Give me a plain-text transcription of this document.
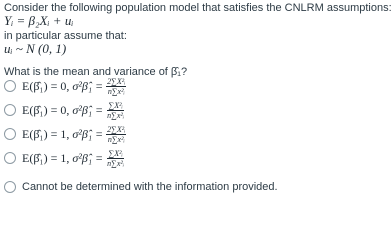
Consider the following population model that satisfies the CNLRM assumptions:
Yᵢ = β₂Xᵢ + uᵢ
in particular assume that:
uᵢ ~ N (0, 1)
What is the mean and variance of β̂₁?
E(β̂₁) = 0,
σ²β̂₁ = $\frac{\text{2∑X²ᵢ}}{\text{n∑x²ᵢ}}$
E(β̂₁) = 0,
σ²β̂₁ = $\frac{\text{∑X²ᵢ}}{\text{n∑x²ᵢ}}$
E(β̂₁) = 1,
σ²β̂₁ = $\frac{\text{2∑X²ᵢ}}{\text{n∑x²ᵢ}}$
E(β̂₁) = 1,
σ²β̂₁ = $\frac{\text{∑X²ᵢ}}{\text{n∑x²ᵢ}}$
Cannot be determined with the information provided.
